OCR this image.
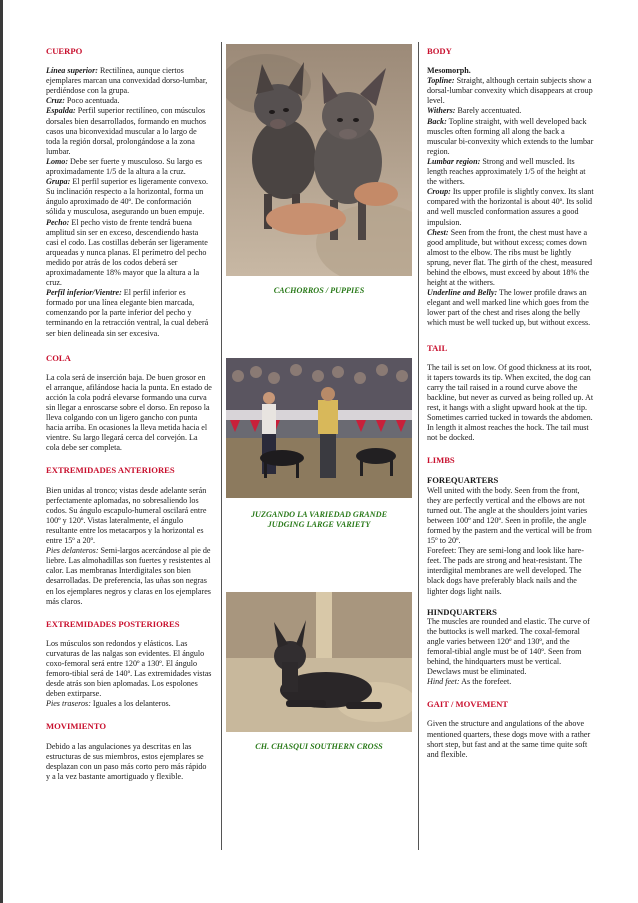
CUERPO

Línea superior: Rectilínea, aunque ciertos ejemplares marcan una convexidad dorso-lumbar, perdiéndose con la grupa.

Cruz: Poco acentuada.

Espalda: Perfil superior rectilíneo, con músculos dorsales bien desarrollados, formando en muchos casos una biconvexidad muscular a lo largo de toda la región dorsal, prolongándose a la zona lumbar.

Lomo: Debe ser fuerte y musculoso. Su largo es aproximadamente 1/5 de la altura a la cruz.

Grupa: El perfil superior es ligeramente convexo. Su inclinación respecto a la horizontal, forma un ángulo aproximado de 40º. De conformación sólida y musculosa, asegurando un buen empuje.

Pecho: El pecho visto de frente tendrá buena amplitud sin ser en exceso, descendiendo hasta casi el codo. Las costillas deberán ser ligeramente arqueadas y nunca planas. El perímetro del pecho medido por atrás de los codos deberá ser aproximadamente 18% mayor que la altura a la cruz.

Perfil inferior/Vientre: El perfil inferior es formado por una línea elegante bien marcada, comenzando por la parte inferior del pecho y terminando en la retracción ventral, la cual deberá ser bien delineada sin ser excesiva.

COLA

La cola será de inserción baja. De buen grosor en el arranque, afilándose hacia la punta. En estado de acción la cola podrá elevarse formando una curva sin llegar a enroscarse sobre el dorso. En reposo la lleva colgando con un ligero gancho con punta hacia arriba. En ocasiones la lleva metida hacia el vientre. Su largo llegará cerca del corvejón. La cola debe ser completa.

EXTREMIDADES ANTERIORES

Bien unidas al tronco; vistas desde adelante serán perfectamente aplomadas, no sobresaliendo los codos. Su ángulo escapulo-humeral oscilará entre 100º y 120º. Vistas lateralmente, el ángulo resultante entre los metacarpos y la horizontal es entre 15º a 20º.

Pies delanteros: Semi-largos acercándose al pie de liebre. Las almohadillas son fuertes y resistentes al calor. Las membranas Interdigitales son bien desarrolladas. De preferencia, las uñas son negras en los ejemplares negros y claras en los ejemplares más claros.

EXTREMIDADES POSTERIORES

Los músculos son redondos y elásticos. Las curvaturas de las nalgas son evidentes. El ángulo coxo-femoral será entre 120º a 130º. El ángulo femoro-tibial será de 140º. Las extremidades vistas desde atrás son bien aplomadas. Los espolones deben extirparse.

Pies traseros: Iguales a los delanteros.

MOVIMIENTO

Debido a las angulaciones ya descritas en las estructuras de sus miembros, estos ejemplares se desplazan con un paso más corto pero más rápido y a la vez bastante amortiguado y flexible.

CACHORROS / PUPPIES
JUZGANDO LA VARIEDAD GRANDE
JUDGING LARGE VARIETY
CH. CHASQUI SOUTHERN CROSS

BODY

Mesomorph.

Topline: Straight, although certain subjects show a dorsal-lumbar convexity which disappears at croup level.

Withers: Barely accentuated.

Back: Topline straight, with well developed back muscles often forming all along the back a muscular bi-convexity which extends to the lumbar region.

Lumbar region: Strong and well muscled. Its length reaches approximately 1/5 of the height at the withers.

Croup: Its upper profile is slightly convex. Its slant compared with the horizontal is about 40º. Its solid and well muscled conformation assures a good impulsion.

Chest: Seen from the front, the chest must have a good amplitude, but without excess; comes down almost to the elbow. The ribs must be lightly sprung, never flat. The girth of the chest, measured behind the elbows, must exceed by about 18% the height at the withers.

Underline and Belly: The lower profile draws an elegant and well marked line which goes from the lower part of the chest and rises along the belly which must be well tucked up, but without excess.

TAIL

The tail is set on low. Of good thickness at its root, it tapers towards its tip. When excited, the dog can carry the tail raised in a round curve above the backline, but never as curved as being rolled up. At rest, it hangs with a slight upward hook at the tip. Sometimes carried tucked in towards the abdomen. In length it almost reaches the hock. The tail must not be docked.

LIMBS

FOREQUARTERS

Well united with the body. Seen from the front, they are perfectly vertical and the elbows are not turned out. The angle at the shoulders joint varies between 100º and 120º. Seen in profile, the angle formed by the pastern and the vertical will be from 15º to 20º.

Forefeet: They are semi-long and look like hare-feet. The pads are strong and heat-resistant. The interdigital membranes are well developed. The black dogs have preferably black nails and the lighter dogs light nails.

HINDQUARTERS

The muscles are rounded and elastic. The curve of the buttocks is well marked. The coxal-femoral angle varies between 120º and 130º, and the femoral-tibial angle must be of 140º. Seen from behind, the hindquarters must be vertical. Dewclaws must be eliminated.

Hind feet: As the forefeet.

GAIT / MOVEMENT

Given the structure and angulations of the above mentioned quarters, these dogs move with a rather short step, but fast and at the same time quite soft and flexible.
